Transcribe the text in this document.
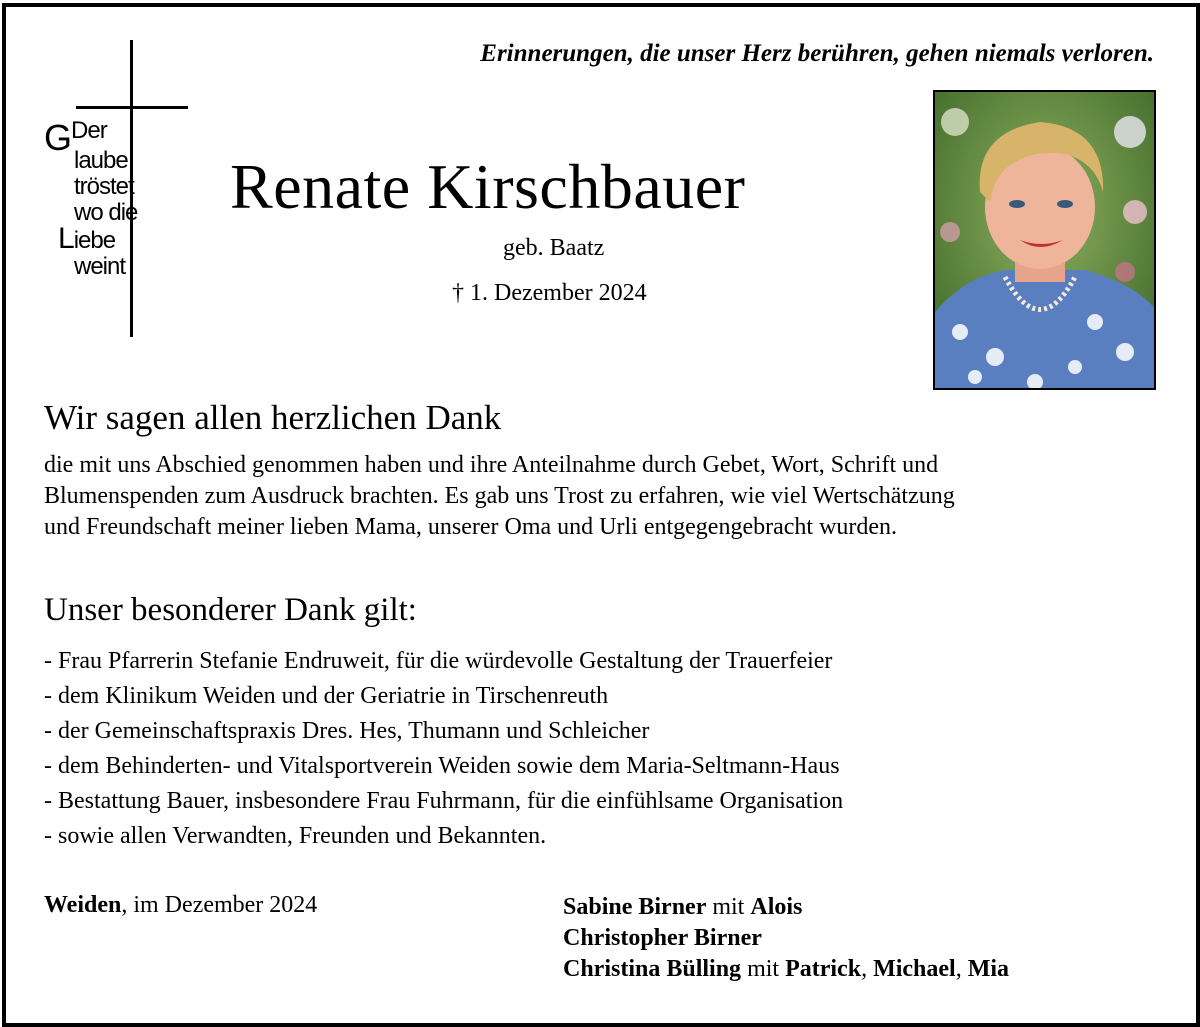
Erinnerungen, die unser Herz berühren, gehen niemals verloren.
GDer
laube
tröstet
wo die
Liebe
weint
Renate Kirschbauer
geb. Baatz
† 1. Dezember 2024
Wir sagen allen herzlichen Dank
die mit uns Abschied genommen haben und ihre Anteilnahme durch Gebet, Wort, Schrift und
Blumenspenden zum Ausdruck brachten. Es gab uns Trost zu erfahren, wie viel Wertschätzung
und Freundschaft meiner lieben Mama, unserer Oma und Urli entgegengebracht wurden.
Unser besonderer Dank gilt:
- Frau Pfarrerin Stefanie Endruweit, für die würdevolle Gestaltung der Trauerfeier
- dem Klinikum Weiden und der Geriatrie in Tirschenreuth
- der Gemeinschaftspraxis Dres. Hes, Thumann und Schleicher
- dem Behinderten- und Vitalsportverein Weiden sowie dem Maria-Seltmann-Haus
- Bestattung Bauer, insbesondere Frau Fuhrmann, für die einfühlsame Organisation
- sowie allen Verwandten, Freunden und Bekannten.
Weiden, im Dezember 2024	Sabine Birner mit Alois
Christopher Birner
Christina Bülling mit Patrick, Michael, Mia
